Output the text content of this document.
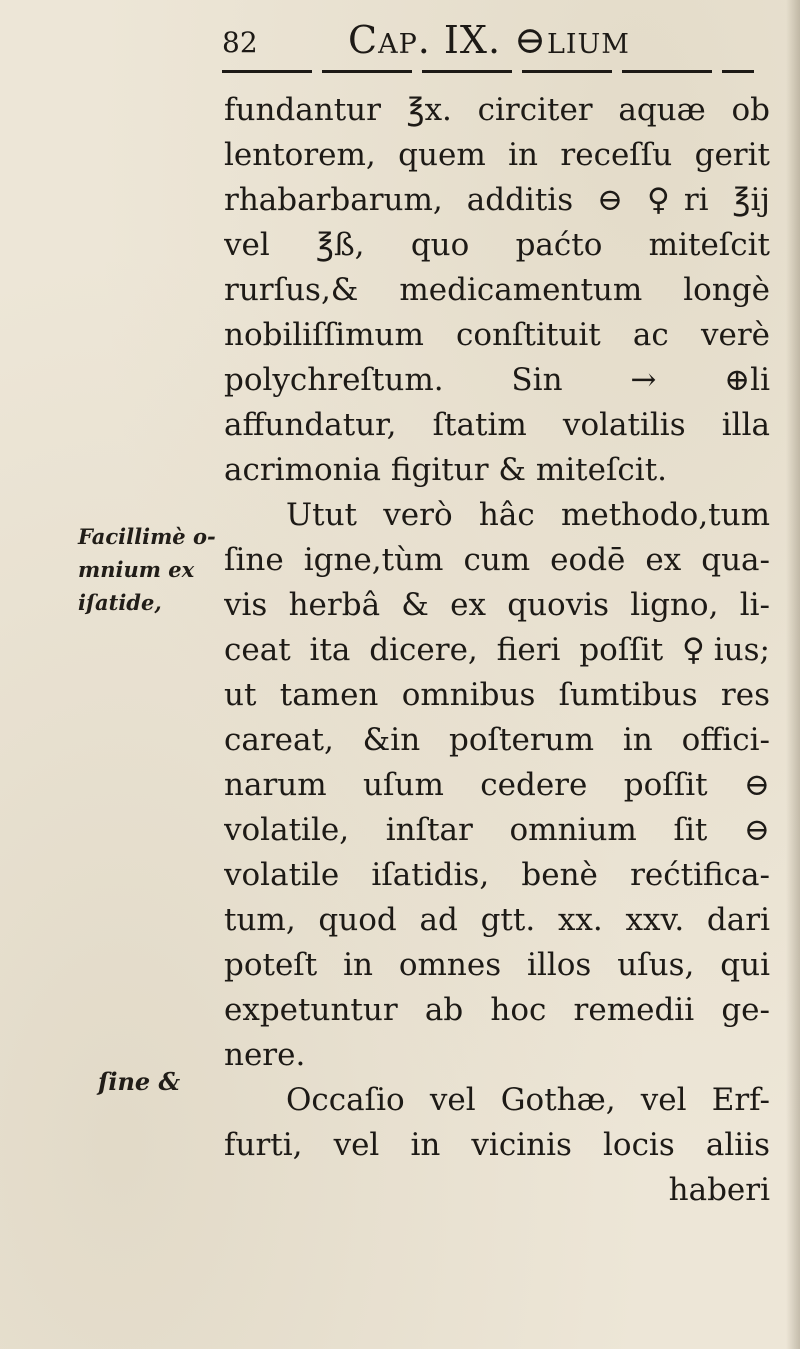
82 Cap. IX. ⊖lium
fundantur ℥x. circiter aquæ ob
lentorem, quem in receſſu gerit
rhabarbarum, additis ⊖ ♀ri ℥ij
vel ℥ß, quo paćto miteſcit
rurſus,& medicamentum longè
nobiliſſimum conſtituit ac verè
polychreſtum. Sin → ⊕li
affundatur, ſtatim volatilis illa
acrimonia figitur & miteſcit.
Utut verò hâc methodo,tum
ſine igne,tùm cum eodē ex qua-
vis herbâ & ex quovis ligno, li-
ceat ita dicere, fieri poſſit ♀ius;
ut tamen omnibus ſumtibus res
careat, &in poſterum in offici-
narum uſum cedere poſſit ⊖
volatile, inſtar omnium ſit ⊖
volatile iſatidis, benè rećtifica-
tum, quod ad gtt. xx. xxv. dari
poteſt in omnes illos uſus, qui
expetuntur ab hoc remedii ge-
nere.
Occaſio vel Gothæ, vel Erf-
furti, vel in vicinis locis aliis
haberi
Facillimè o-
mnium ex
iſatide,
ſine &
